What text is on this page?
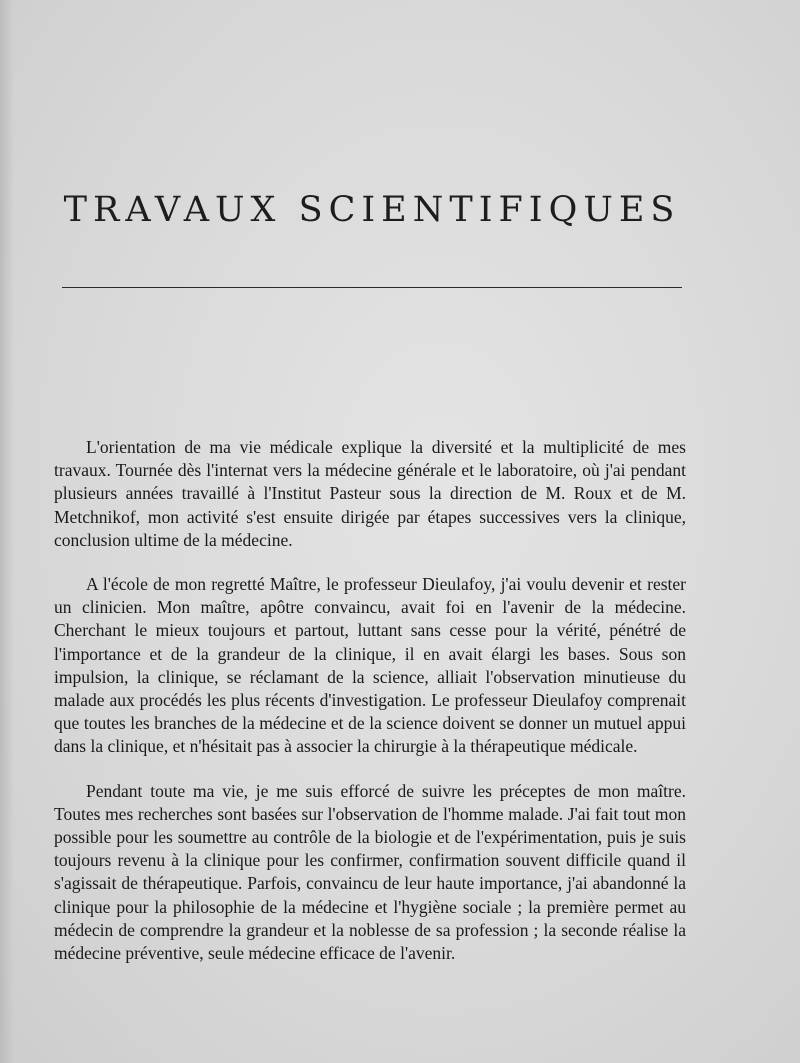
TRAVAUX SCIENTIFIQUES

L'orientation de ma vie médicale explique la diversité et la multiplicité de mes travaux. Tournée dès l'internat vers la médecine générale et le laboratoire, où j'ai pendant plusieurs années travaillé à l'Institut Pasteur sous la direction de M. Roux et de M. Metchnikof, mon activité s'est ensuite dirigée par étapes successives vers la clinique, conclusion ultime de la médecine.

A l'école de mon regretté Maître, le professeur Dieulafoy, j'ai voulu devenir et rester un clinicien. Mon maître, apôtre convaincu, avait foi en l'avenir de la médecine. Cherchant le mieux toujours et partout, luttant sans cesse pour la vérité, pénétré de l'importance et de la grandeur de la clinique, il en avait élargi les bases. Sous son impulsion, la clinique, se réclamant de la science, alliait l'observation minutieuse du malade aux procédés les plus récents d'investigation. Le professeur Dieulafoy comprenait que toutes les branches de la médecine et de la science doivent se donner un mutuel appui dans la clinique, et n'hésitait pas à associer la chirurgie à la thérapeutique médicale.

Pendant toute ma vie, je me suis efforcé de suivre les préceptes de mon maître. Toutes mes recherches sont basées sur l'observation de l'homme malade. J'ai fait tout mon possible pour les soumettre au contrôle de la biologie et de l'expérimentation, puis je suis toujours revenu à la clinique pour les confirmer, confirmation souvent difficile quand il s'agissait de thérapeutique. Parfois, convaincu de leur haute importance, j'ai abandonné la clinique pour la philosophie de la médecine et l'hygiène sociale ; la première permet au médecin de comprendre la grandeur et la noblesse de sa profession ; la seconde réalise la médecine préventive, seule médecine efficace de l'avenir.
